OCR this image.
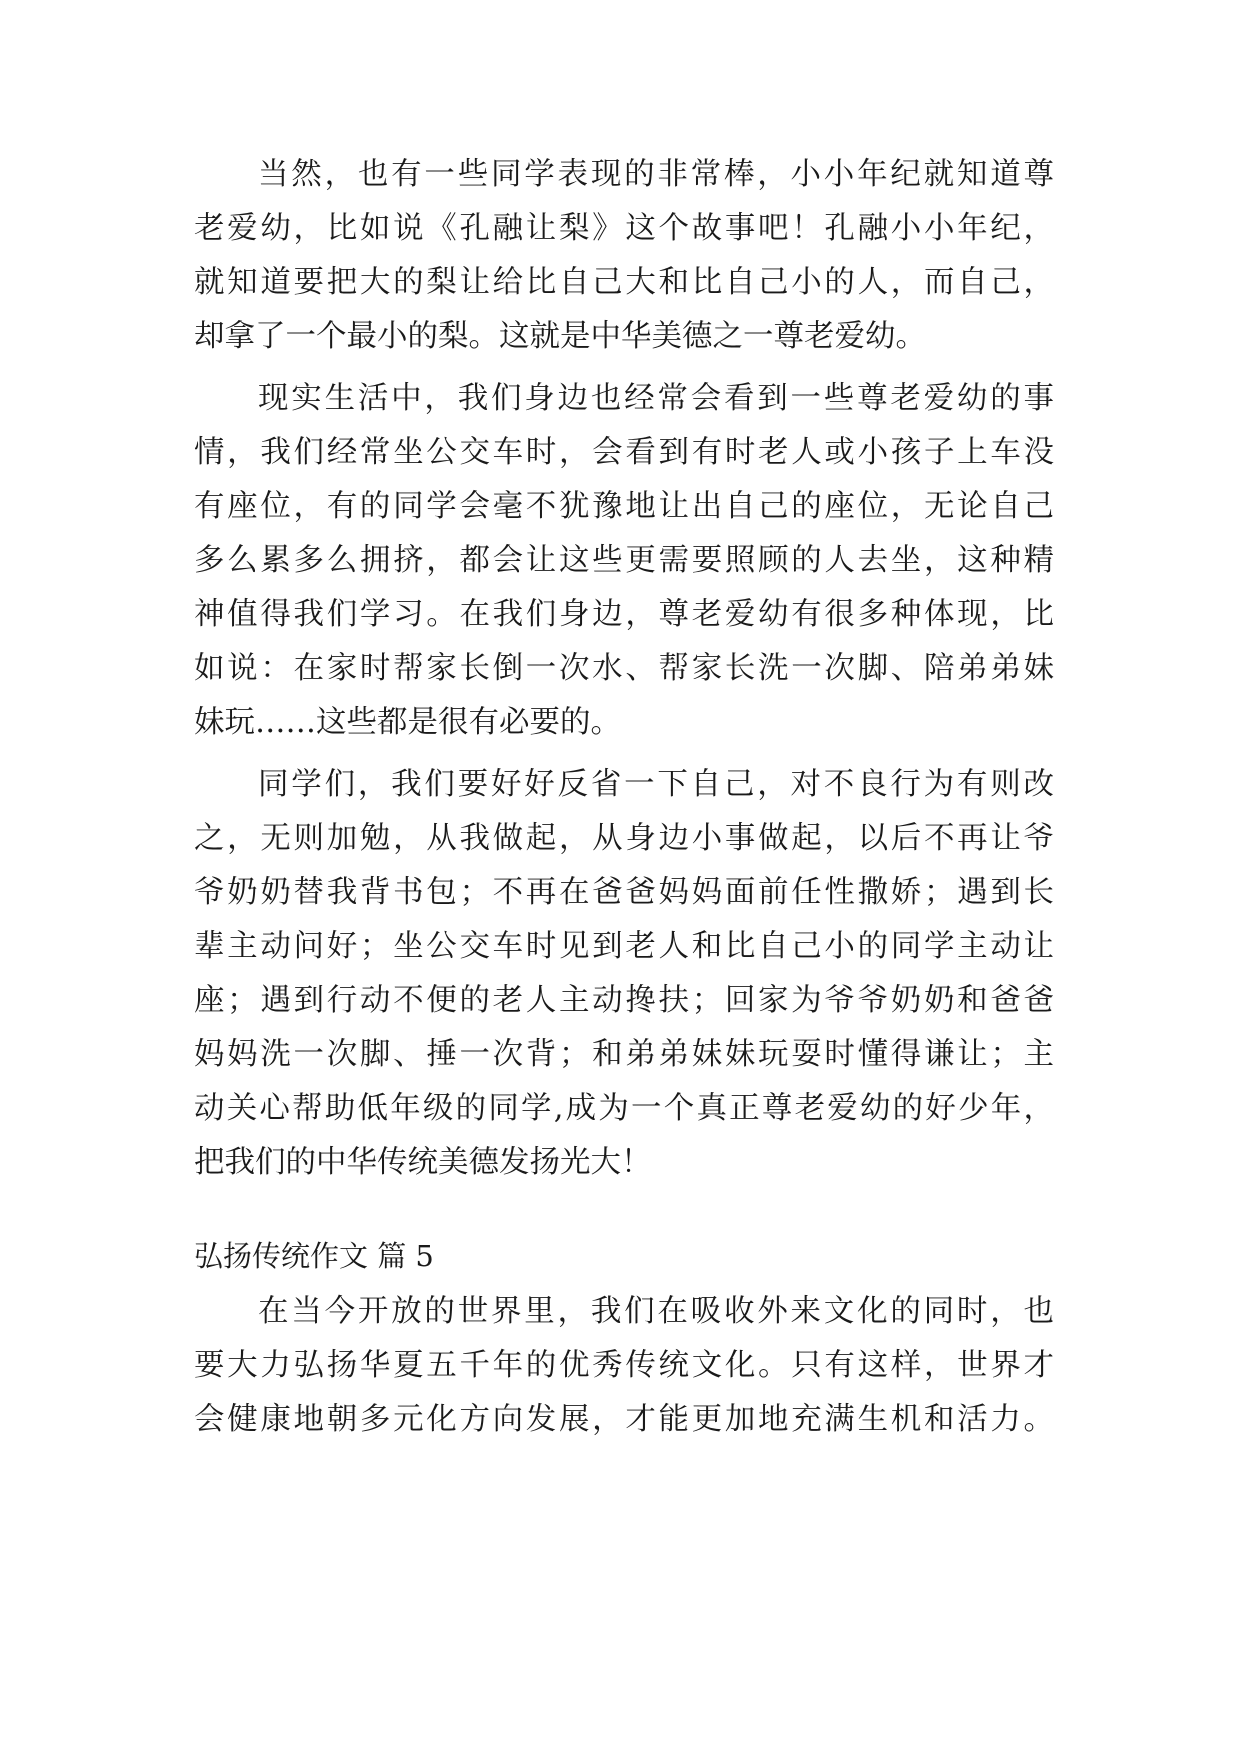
当然，也有一些同学表现的非常棒，小小年纪就知道尊
老爱幼，比如说《孔融让梨》这个故事吧！孔融小小年纪，
就知道要把大的梨让给比自己大和比自己小的人，而自己，
却拿了一个最小的梨。这就是中华美德之一尊老爱幼。
现实生活中，我们身边也经常会看到一些尊老爱幼的事
情，我们经常坐公交车时，会看到有时老人或小孩子上车没
有座位，有的同学会毫不犹豫地让出自己的座位，无论自己
多么累多么拥挤，都会让这些更需要照顾的人去坐，这种精
神值得我们学习。在我们身边，尊老爱幼有很多种体现，比
如说：在家时帮家长倒一次水、帮家长洗一次脚、陪弟弟妹
妹玩……这些都是很有必要的。
同学们，我们要好好反省一下自己，对不良行为有则改
之，无则加勉，从我做起，从身边小事做起，以后不再让爷
爷奶奶替我背书包；不再在爸爸妈妈面前任性撒娇；遇到长
辈主动问好；坐公交车时见到老人和比自己小的同学主动让
座；遇到行动不便的老人主动搀扶；回家为爷爷奶奶和爸爸
妈妈洗一次脚、捶一次背；和弟弟妹妹玩耍时懂得谦让；主
动关心帮助低年级的同学,成为一个真正尊老爱幼的好少年，
把我们的中华传统美德发扬光大！
弘扬传统作文 篇 5
在当今开放的世界里，我们在吸收外来文化的同时，也
要大力弘扬华夏五千年的优秀传统文化。只有这样，世界才
会健康地朝多元化方向发展，才能更加地充满生机和活力。
